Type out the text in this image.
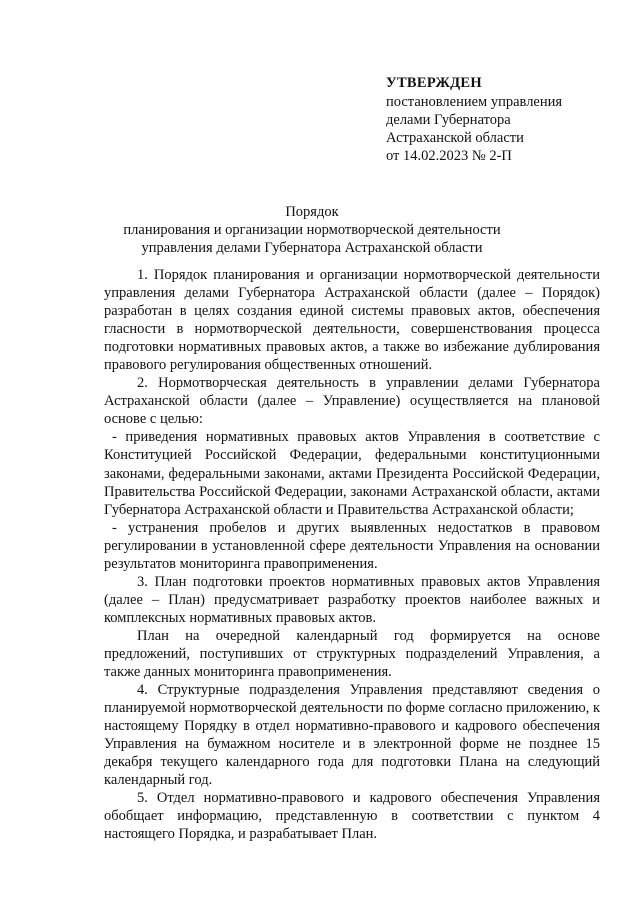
УТВЕРЖДЕН
постановлением управления
делами Губернатора
Астраханской области
от 14.02.2023 № 2-П
Порядок
планирования и организации нормотворческой деятельности
управления делами Губернатора Астраханской области

1. Порядок планирования и организации нормотворческой деятельности управления делами Губернатора Астраханской области (далее – Порядок) разработан в целях создания единой системы правовых актов, обеспечения гласности в нормотворческой деятельности, совершенствования процесса подготовки нормативных правовых актов, а также во избежание дублирования правового регулирования общественных отношений.

2. Нормотворческая деятельность в управлении делами Губернатора Астраханской области (далее – Управление) осуществляется на плановой основе с целью:

- приведения нормативных правовых актов Управления в соответствие с Конституцией Российской Федерации, федеральными конституционными законами, федеральными законами, актами Президента Российской Федерации, Правительства Российской Федерации, законами Астраханской области, актами Губернатора Астраханской области и Правительства Астраханской области;

- устранения пробелов и других выявленных недостатков в правовом регулировании в установленной сфере деятельности Управления на основании результатов мониторинга правоприменения.

3. План подготовки проектов нормативных правовых актов Управления (далее – План) предусматривает разработку проектов наиболее важных и комплексных нормативных правовых актов.

План на очередной календарный год формируется на основе предложений, поступивших от структурных подразделений Управления, а также данных мониторинга правоприменения.

4. Структурные подразделения Управления представляют сведения о планируемой нормотворческой деятельности по форме согласно приложению, к настоящему Порядку в отдел нормативно-правового и кадрового обеспечения Управления на бумажном носителе и в электронной форме не позднее 15 декабря текущего календарного года для подготовки Плана на следующий календарный год.

5. Отдел нормативно-правового и кадрового обеспечения Управления обобщает информацию, представленную в соответствии с пунктом 4 настоящего Порядка, и разрабатывает План.
